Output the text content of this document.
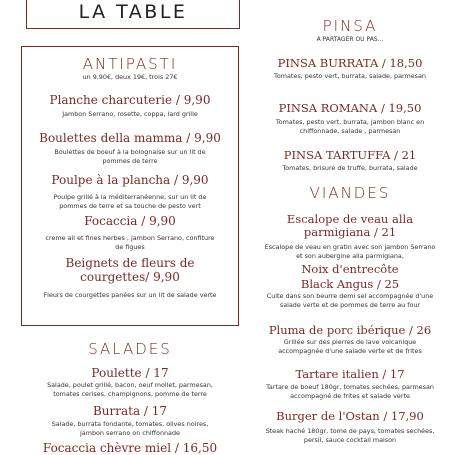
LA TABLE
ANTIPASTI
un 9,90€, deux 19€, trois 27€
Planche charcuterie / 9,90
Jambon Serrano, rosette, coppa, lard grille
Boulettes della mamma / 9,90
Boulettes de boeuf à la bolognaise sur un lit de
pommes de terre
Poulpe à la plancha / 9,90
Poulpe grillé à la méditerranéenne, sur un lit de
pommes de terre et sa touche de pesto vert
Focaccia / 9,90
creme ail et fines herbes , jambon Serrano, confiture
de figues
Beignets de fleurs de
courgettes/ 9,90
Fleurs de courgettes panées sur un lit de salade verte
SALADES
Poulette / 17
Salade, poulet grillé, bacon, oeuf mollet, parmesan,
tomates cerises, champignons, pomme de terre
Burrata / 17
Salade, burrata fondante, tomates, olives noires,
jambon serrano on chiffonnade
Focaccia chèvre miel / 16,50
PINSA
A PARTAGER OU PAS...
PINSA BURRATA / 18,50
Tomates, pesto vert, burrata, salade, parmesan
PINSA ROMANA / 19,50
Tomates, pesto vert, burrata, jambon blanc en
chiffonnade, salade , parmesan
PINSA TARTUFFA / 21
Tomates, brisure de truffe, burrata, salade
VIANDES
Escalope de veau alla
parmigiana / 21
Escalope de veau en gratin avec son jambon Serrano
et son aubergine alla parmigiana,
Noix d'entrecôte
Black Angus / 25
Cuite dans son beurre demi sel accompagnée d'une
salade verte et de pommes de terre au four
Pluma de porc ibérique / 26
Grillée sur des pierres de lave volcanique
accompagnée d'une salade verte et de frites
Tartare italien / 17
Tartare de boeuf 180gr, tomates sechées, parmesan
accompagné de frites et salade verte
Burger de l'Ostan / 17,90
Steak haché 180gr, tome de pays, tomates sechées,
persil, sauce cocktail maison
